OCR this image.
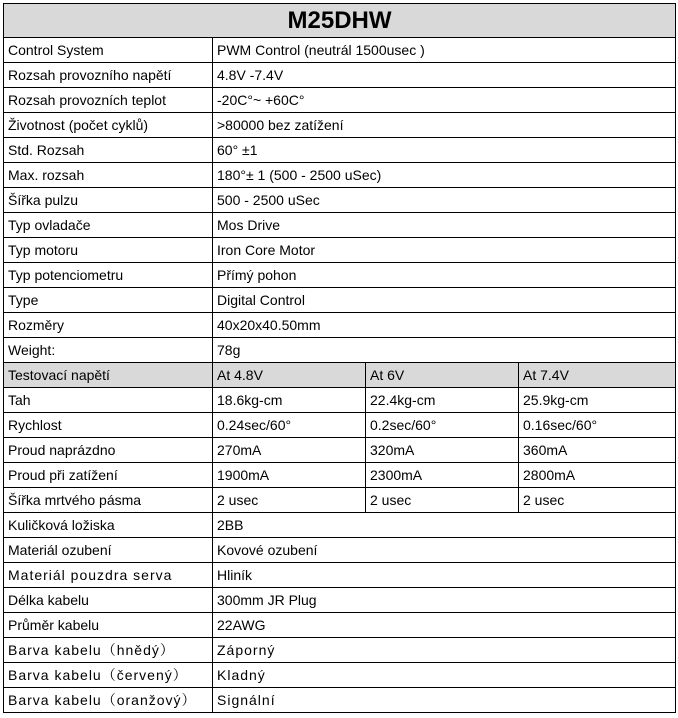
M25DHW			
Control System	PWM Control (neutrál 1500usec )		
Rozsah provozního napětí	4.8V -7.4V		
Rozsah provozních teplot	-20C°~ +60C°		
Životnost (počet cyklů)	>80000 bez zatížení		
Std. Rozsah	60° ±1		
Max. rozsah	180°± 1 (500 - 2500 uSec)		
Šířka pulzu	500 - 2500 uSec		
Typ ovladače	Mos Drive		
Typ motoru	Iron Core Motor		
Typ potenciometru	Přímý pohon		
Type	Digital Control		
Rozměry	40x20x40.50mm		
Weight:	78g		
Testovací napětí	At 4.8V	At 6V	At 7.4V
Tah	18.6kg-cm	22.4kg-cm	25.9kg-cm
Rychlost	0.24sec/60°	0.2sec/60°	0.16sec/60°
Proud naprázdno	270mA	320mA	360mA
Proud při zatížení	1900mA	2300mA	2800mA
Šířka mrtvého pásma	2 usec	2 usec	2 usec
Kuličková ložiska	2BB		
Materiál ozubení	Kovové ozubení		
Materiál pouzdra serva	Hliník		
Délka kabelu	300mm JR Plug		
Průměr kabelu	22AWG		
Barva kabelu（hnědý）	Záporný		
Barva kabelu（červený）	Kladný		
Barva kabelu（oranžový）	Signální		
